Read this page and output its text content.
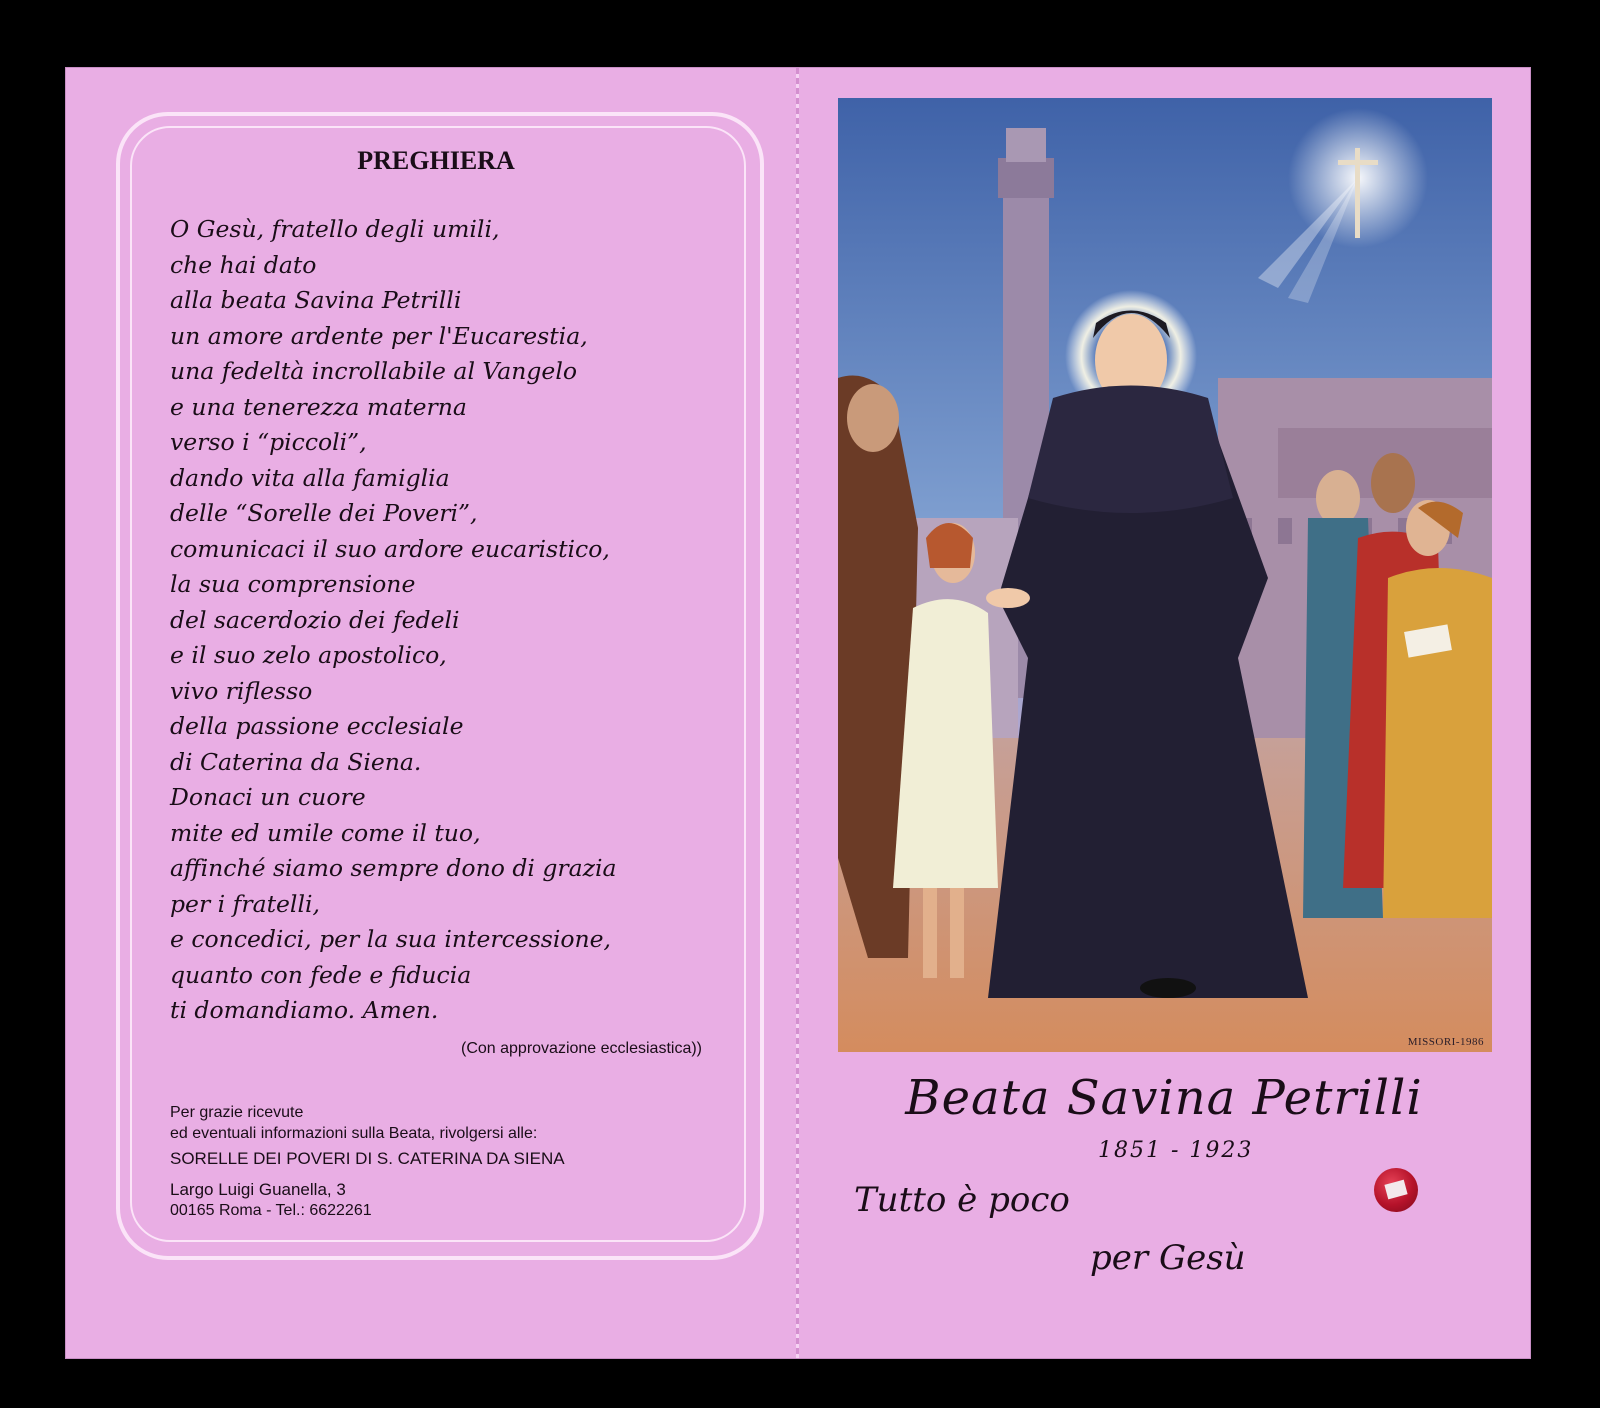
PREGHIERA
O Gesù, fratello degli umili,
che hai dato
alla beata Savina Petrilli
un amore ardente per l'Eucarestia,
una fedeltà incrollabile al Vangelo
e una tenerezza materna
verso i “piccoli”,
dando vita alla famiglia
delle “Sorelle dei Poveri”,
comunicaci il suo ardore eucaristico,
la sua comprensione
del sacerdozio dei fedeli
e il suo zelo apostolico,
vivo riflesso
della passione ecclesiale
di Caterina da Siena.
Donaci un cuore
mite ed umile come il tuo,
affinché siamo sempre dono di grazia
per i fratelli,
e concedici, per la sua intercessione,
quanto con fede e fiducia
ti domandiamo. Amen.
(Con approvazione ecclesiastica))
Per grazie ricevute
ed eventuali informazioni sulla Beata, rivolgersi alle:
SORELLE DEI POVERI DI S. CATERINA DA SIENA
Largo Luigi Guanella, 3
00165 Roma - Tel.: 6622261
MISSORI-1986
Beata Savina Petrilli
1851 - 1923
Tutto è poco
per Gesù
